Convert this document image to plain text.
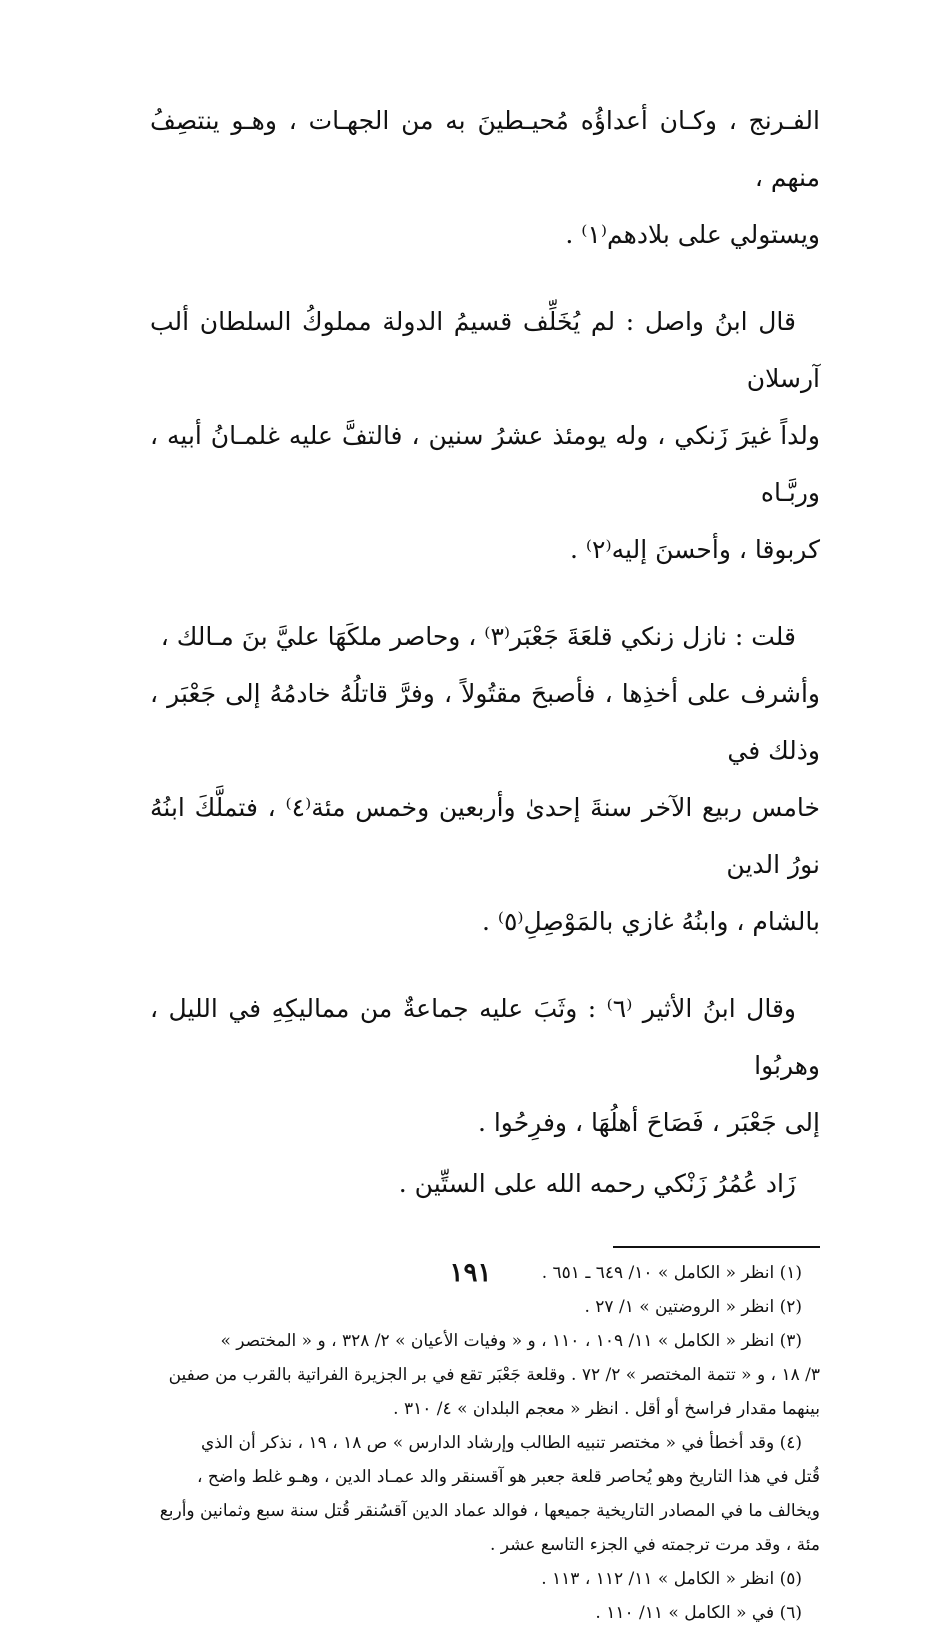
الفـرنج ، وكـان أعداؤُه مُحيـطينَ به من الجهـات ، وهـو ينتصِفُ منهم ،

ويستولي على بلادهم⁽١⁾ .

قال ابنُ واصل : لم يُخَلِّف قسيمُ الدولة مملوكُ السلطان ألب آرسلان

ولداً غيرَ زَنكي ، وله يومئذ عشرُ سنين ، فالتفَّ عليه غلمـانُ أبيه ، وربَّـاه

كربوقا ، وأحسنَ إليه⁽٢⁾ .

قلت : نازل زنكي قلعَةَ جَعْبَر⁽٣⁾ ، وحاصر ملكَهَا عليَّ بنَ مـالك ،

وأشرف على أخذِها ، فأصبحَ مقتُولاً ، وفرَّ قاتلُهُ خادمُهُ إلى جَعْبَر ، وذلك في

خامس ربيع الآخر سنةَ إحدىٰ وأربعين وخمس مئة⁽٤⁾ ، فتملَّكَ ابنُهُ نورُ الدين

بالشام ، وابنُهُ غازي بالمَوْصِلِ⁽٥⁾ .

وقال ابنُ الأثير ⁽٦⁾ : وثَبَ عليه جماعةٌ من مماليكِهِ في الليل ، وهربُوا

إلى جَعْبَر ، فَصَاحَ أهلُهَا ، وفرِحُوا .

زَاد عُمُرُ زَنْكي رحمه الله على الستِّين .

(١) انظر « الكامل » ١٠/ ٦٤٩ ـ ٦٥١ .

(٢) انظر « الروضتين » ١/ ٢٧ .

(٣) انظر « الكامل » ١١/ ١٠٩ ، ١١٠ ، و « وفيات الأعيان » ٢/ ٣٢٨ ، و « المختصر »

٣/ ١٨ ، و « تتمة المختصر » ٢/ ٧٢ . وقلعة جَعْبَر تقع في بر الجزيرة الفراتية بالقرب من صفين

بينهما مقدار فراسخ أو أقل . انظر « معجم البلدان » ٤/ ٣١٠ .

(٤) وقد أخطأ في « مختصر تنبيه الطالب وإرشاد الدارس » ص ١٨ ، ١٩ ، نذكر أن الذي

قُتل في هذا التاريخ وهو يُحاصر قلعة جعبر هو آقسنقر والد عمـاد الدين ، وهـو غلط واضح ،

ويخالف ما في المصادر التاريخية جميعها ، فوالد عماد الدين آقسُنقر قُتل سنة سبع وثمانين وأربع

مئة ، وقد مرت ترجمته في الجزء التاسع عشر .

(٥) انظر « الكامل » ١١/ ١١٢ ، ١١٣ .

(٦) في « الكامل » ١١/ ١١٠ .

١٩١
